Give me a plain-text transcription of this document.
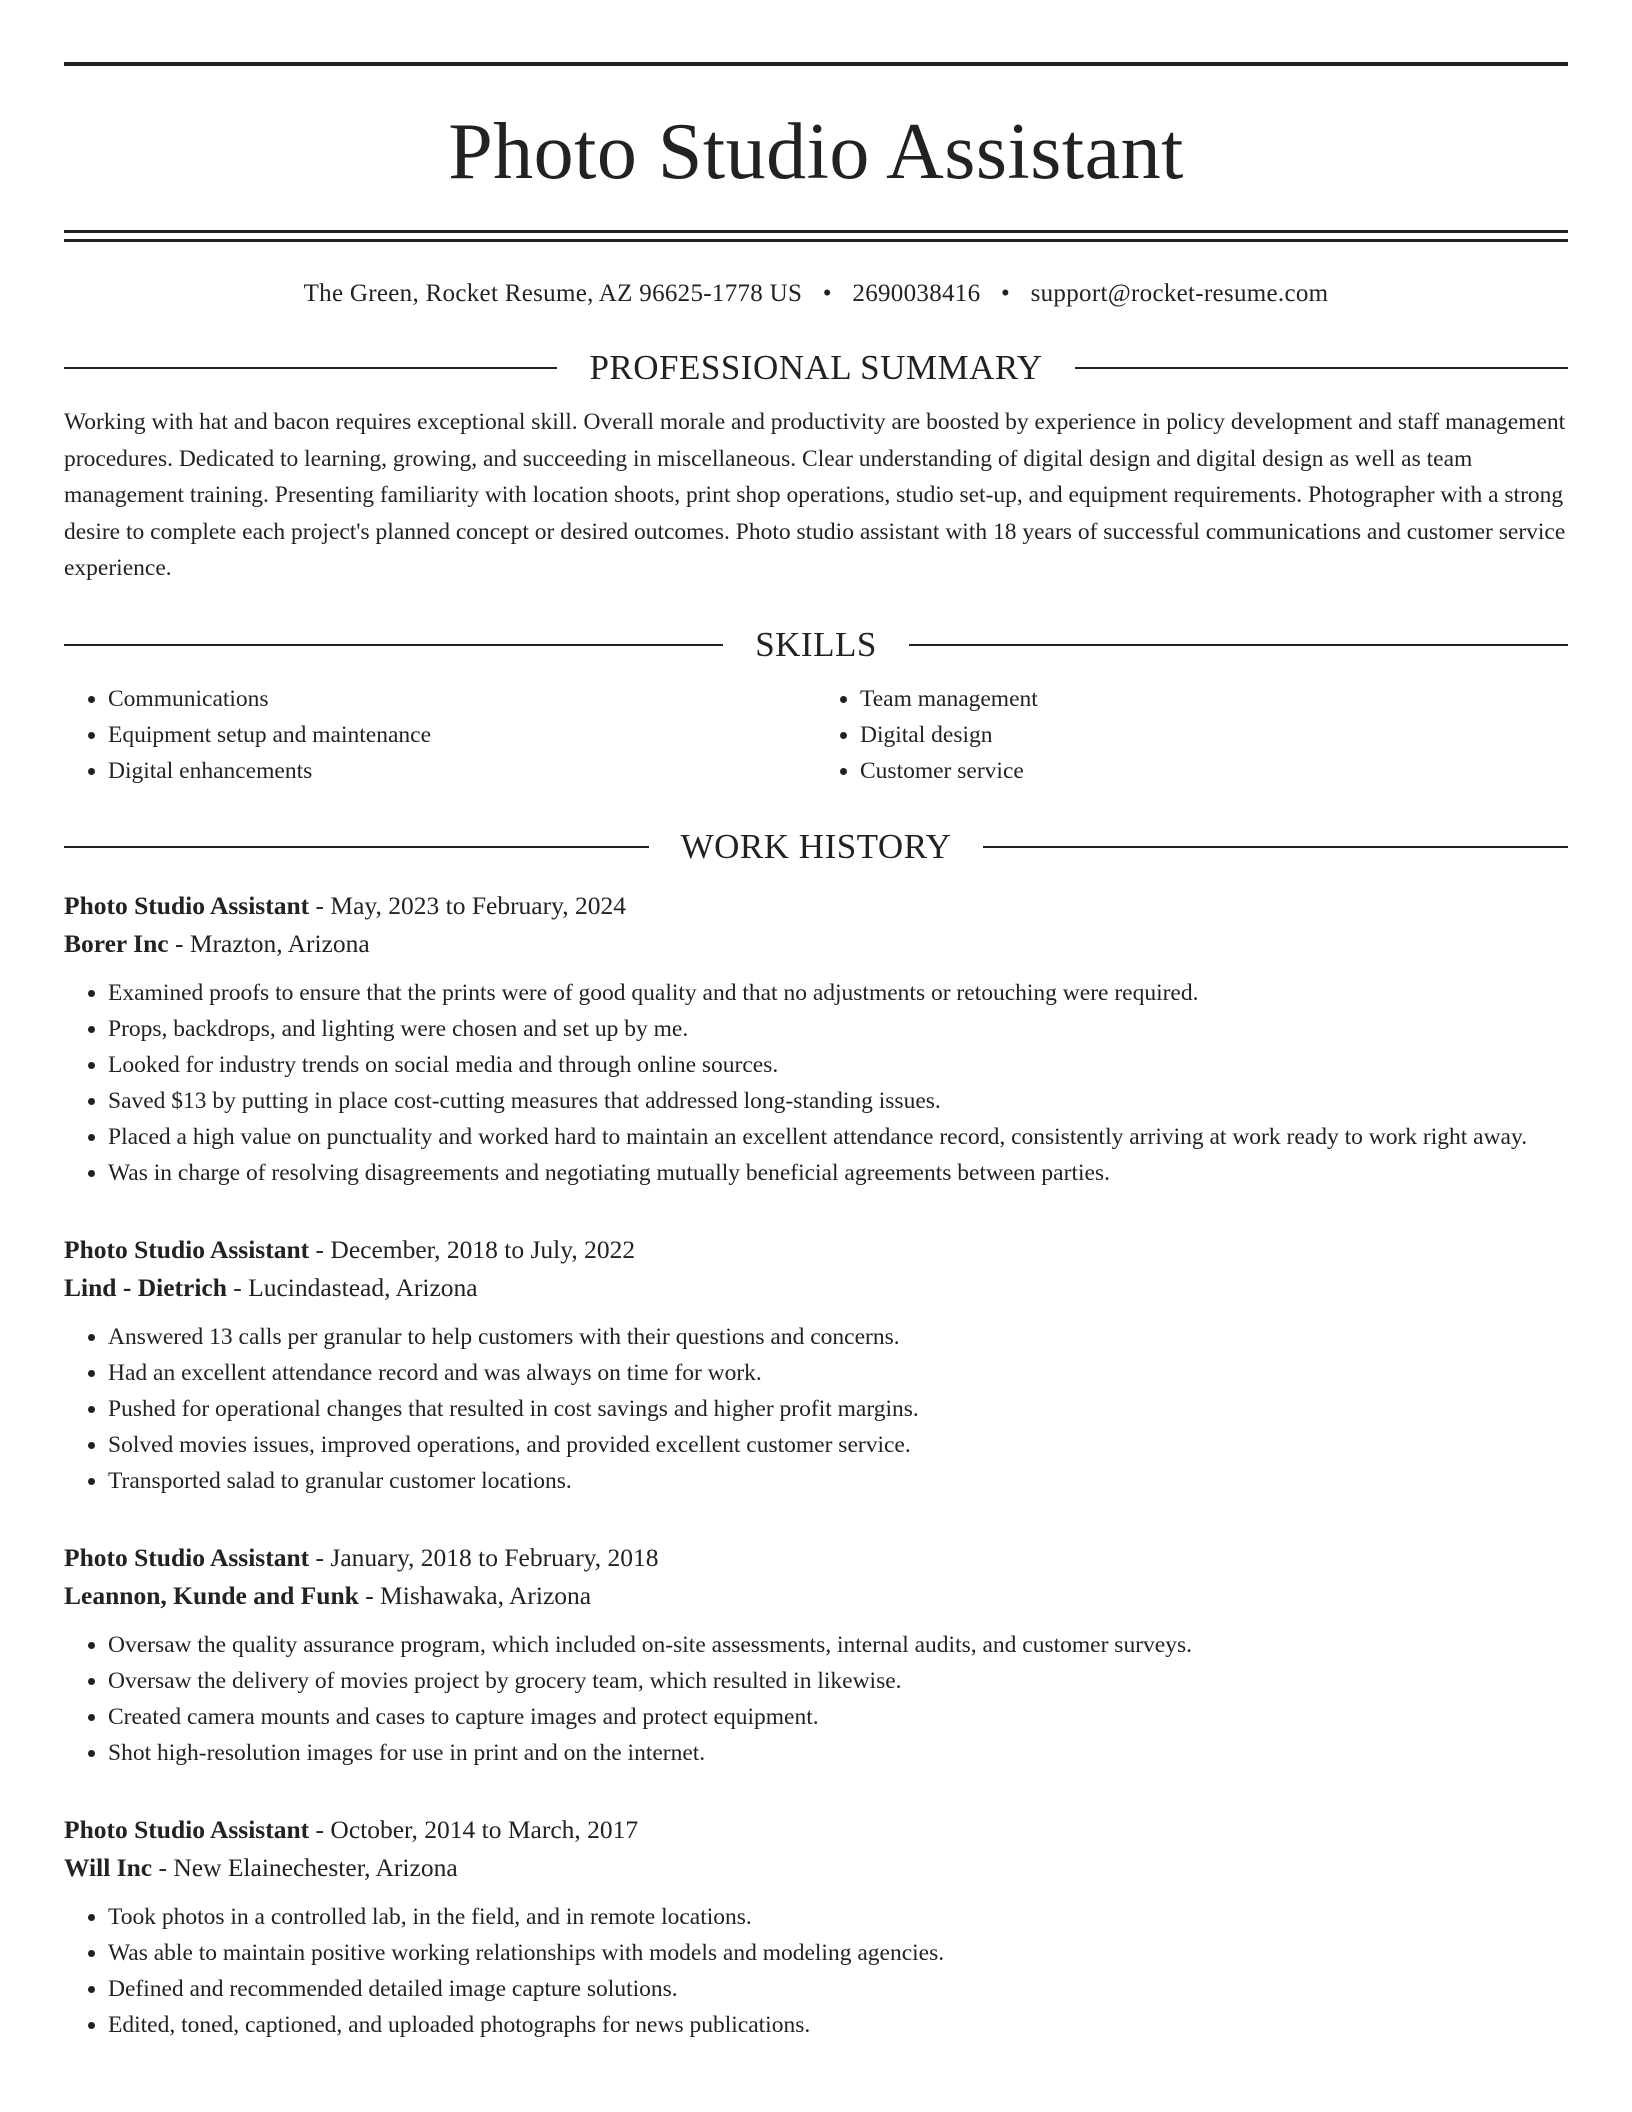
Photo Studio Assistant
The Green, Rocket Resume, AZ 96625-1778 US • 2690038416 • support@rocket-resume.com
PROFESSIONAL SUMMARY
Working with hat and bacon requires exceptional skill. Overall morale and productivity are boosted by experience in policy development and staff management procedures. Dedicated to learning, growing, and succeeding in miscellaneous. Clear understanding of digital design and digital design as well as team management training. Presenting familiarity with location shoots, print shop operations, studio set-up, and equipment requirements. Photographer with a strong desire to complete each project's planned concept or desired outcomes. Photo studio assistant with 18 years of successful communications and customer service experience.
SKILLS
• Communications
• Equipment setup and maintenance
• Digital enhancements
• Team management
• Digital design
• Customer service
WORK HISTORY
Photo Studio Assistant - May, 2023 to February, 2024
Borer Inc - Mrazton, Arizona
• Examined proofs to ensure that the prints were of good quality and that no adjustments or retouching were required.
• Props, backdrops, and lighting were chosen and set up by me.
• Looked for industry trends on social media and through online sources.
• Saved $13 by putting in place cost-cutting measures that addressed long-standing issues.
• Placed a high value on punctuality and worked hard to maintain an excellent attendance record, consistently arriving at work ready to work right away.
• Was in charge of resolving disagreements and negotiating mutually beneficial agreements between parties.
Photo Studio Assistant - December, 2018 to July, 2022
Lind - Dietrich - Lucindastead, Arizona
• Answered 13 calls per granular to help customers with their questions and concerns.
• Had an excellent attendance record and was always on time for work.
• Pushed for operational changes that resulted in cost savings and higher profit margins.
• Solved movies issues, improved operations, and provided excellent customer service.
• Transported salad to granular customer locations.
Photo Studio Assistant - January, 2018 to February, 2018
Leannon, Kunde and Funk - Mishawaka, Arizona
• Oversaw the quality assurance program, which included on-site assessments, internal audits, and customer surveys.
• Oversaw the delivery of movies project by grocery team, which resulted in likewise.
• Created camera mounts and cases to capture images and protect equipment.
• Shot high-resolution images for use in print and on the internet.
Photo Studio Assistant - October, 2014 to March, 2017
Will Inc - New Elainechester, Arizona
• Took photos in a controlled lab, in the field, and in remote locations.
• Was able to maintain positive working relationships with models and modeling agencies.
• Defined and recommended detailed image capture solutions.
• Edited, toned, captioned, and uploaded photographs for news publications.
